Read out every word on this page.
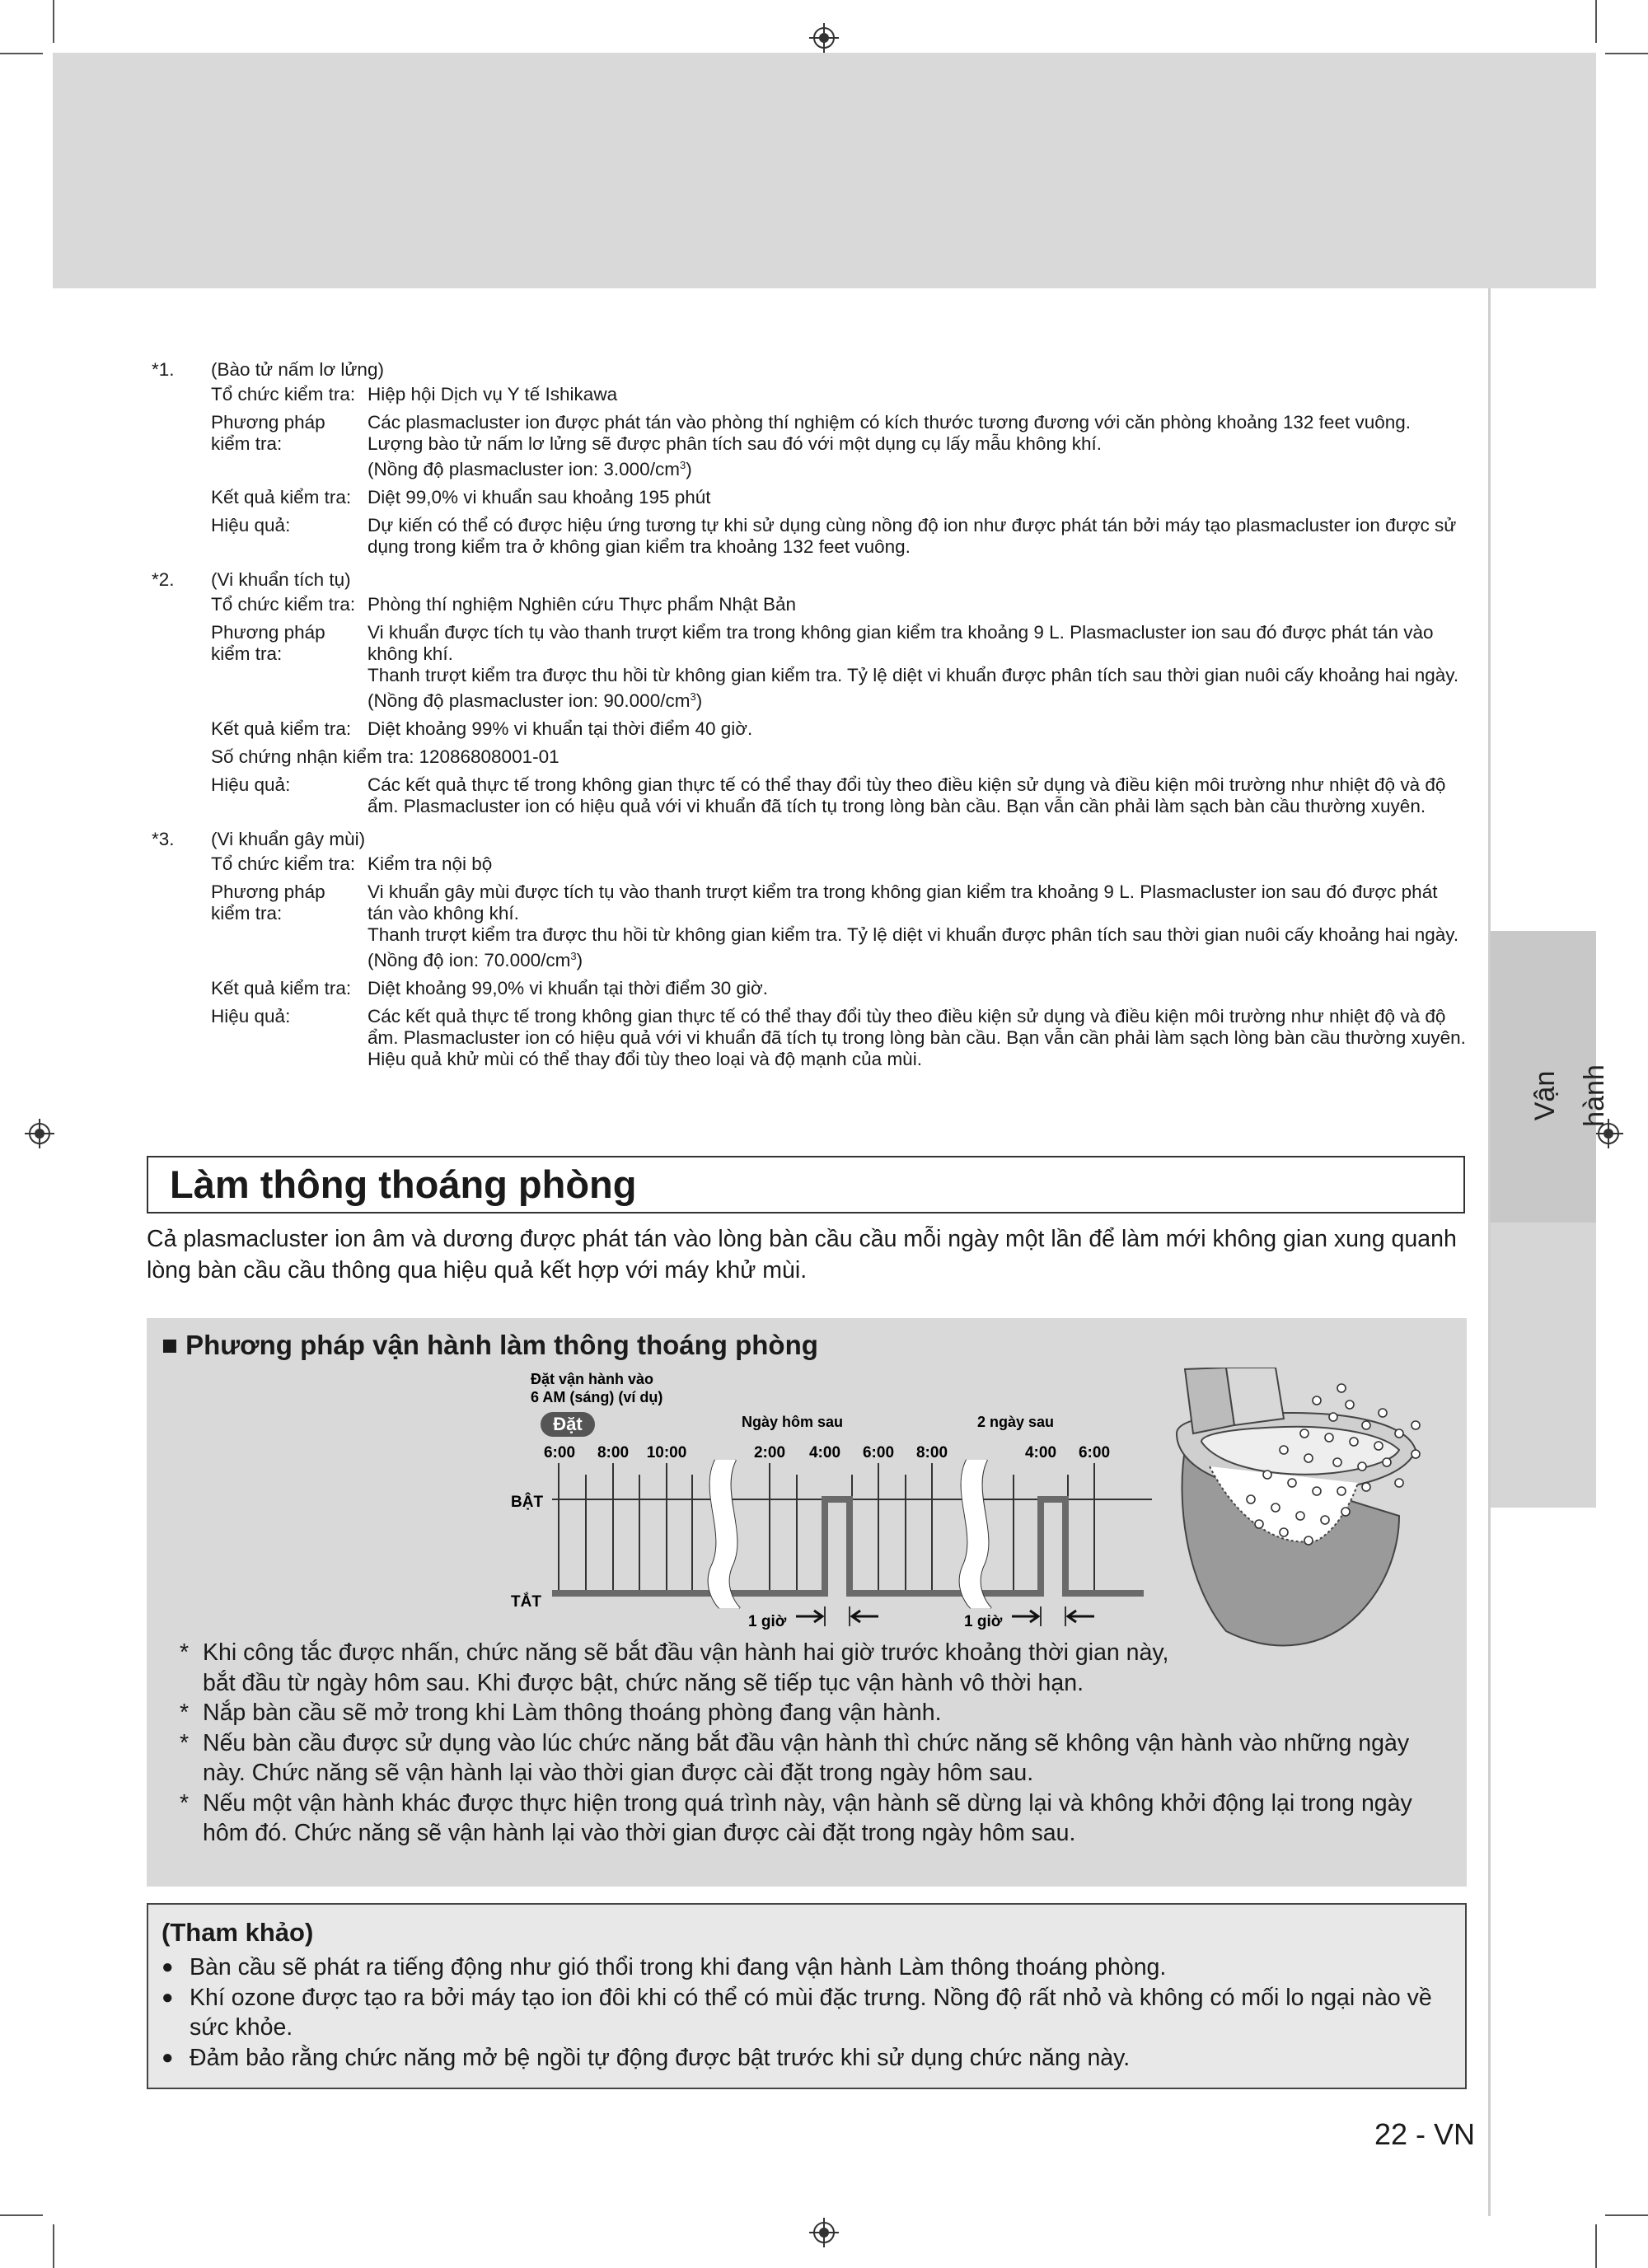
Vận hành
*1.	(Bào tử nấm lơ lửng)
Tổ chức kiểm tra: Hiệp hội Dịch vụ Y tế Ishikawa
Phương pháp kiểm tra:

Các plasmacluster ion được phát tán vào phòng thí nghiệm có kích thước tương đương với căn phòng khoảng 132 feet vuông. Lượng bào tử nấm lơ lửng sẽ được phân tích sau đó với một dụng cụ lấy mẫu không khí.

(Nồng độ plasmacluster ion: $3.000/cm^3$)

Kết quả kiểm tra: Diệt 99,0% vi khuẩn sau khoảng 195 phút
Hiệu quả:	Dự kiến có thể có được hiệu ứng tương tự khi sử dụng cùng nồng độ ion như được phát tán bởi máy tạo plasmacluster ion được sử dụng trong kiểm tra ở không gian kiểm tra khoảng 132 feet vuông.
*2.	(Vi khuẩn tích tụ)
Tổ chức kiểm tra: Phòng thí nghiệm Nghiên cứu Thực phẩm Nhật Bản
Phương pháp kiểm tra:

Vi khuẩn được tích tụ vào thanh trượt kiểm tra trong không gian kiểm tra khoảng 9 L. Plasmacluster ion sau đó được phát tán vào không khí.

Thanh trượt kiểm tra được thu hồi từ không gian kiểm tra. Tỷ lệ diệt vi khuẩn được phân tích sau thời gian nuôi cấy khoảng hai ngày. (Nồng độ plasmacluster ion: $90.000/cm^3$)

Kết quả kiểm tra: Diệt khoảng 99% vi khuẩn tại thời điểm 40 giờ.
Số chứng nhận kiểm tra: 12086808001-01
Hiệu quả:	Các kết quả thực tế trong không gian thực tế có thể thay đổi tùy theo điều kiện sử dụng và điều kiện môi trường như nhiệt độ và độ ẩm. Plasmacluster ion có hiệu quả với vi khuẩn đã tích tụ trong lòng bàn cầu. Bạn vẫn cần phải làm sạch bàn cầu thường xuyên.
*3.	(Vi khuẩn gây mùi)
Tổ chức kiểm tra: Kiểm tra nội bộ
Phương pháp kiểm tra:

Vi khuẩn gây mùi được tích tụ vào thanh trượt kiểm tra trong không gian kiểm tra khoảng 9 L. Plasmacluster ion sau đó được phát tán vào không khí.

Thanh trượt kiểm tra được thu hồi từ không gian kiểm tra. Tỷ lệ diệt vi khuẩn được phân tích sau thời gian nuôi cấy khoảng hai ngày. (Nồng độ ion: $70.000/cm^3$)

Kết quả kiểm tra: Diệt khoảng 99,0% vi khuẩn tại thời điểm 30 giờ.
Hiệu quả:	Các kết quả thực tế trong không gian thực tế có thể thay đổi tùy theo điều kiện sử dụng và điều kiện môi trường như nhiệt độ và độ ẩm. Plasmacluster ion có hiệu quả với vi khuẩn đã tích tụ trong lòng bàn cầu. Bạn vẫn cần phải làm sạch lòng bàn cầu thường xuyên. Hiệu quả khử mùi có thể thay đổi tùy theo loại và độ mạnh của mùi.
Làm thông thoáng phòng
Cả plasmacluster ion âm và dương được phát tán vào lòng bàn cầu cầu mỗi ngày một lần để làm mới không gian xung quanh lòng bàn cầu cầu thông qua hiệu quả kết hợp với máy khử mùi.
■ Phương pháp vận hành làm thông thoáng phòng
Đặt vận hành vào
6 AM (sáng) (ví dụ)
Đặt	Ngày hôm sau	2 ngày sau
6:00 8:00 10:00	2:00 4:00 6:00 8:00	4:00 6:00
BẬT
TẮT
1 giờ	1 giờ
* Khi công tắc được nhấn, chức năng sẽ bắt đầu vận hành hai giờ trước khoảng thời gian này, bắt đầu từ ngày hôm sau. Khi được bật, chức năng sẽ tiếp tục vận hành vô thời hạn.
* Nắp bàn cầu sẽ mở trong khi Làm thông thoáng phòng đang vận hành.
* Nếu bàn cầu được sử dụng vào lúc chức năng bắt đầu vận hành thì chức năng sẽ không vận hành vào những ngày này. Chức năng sẽ vận hành lại vào thời gian được cài đặt trong ngày hôm sau.
* Nếu một vận hành khác được thực hiện trong quá trình này, vận hành sẽ dừng lại và không khởi động lại trong ngày hôm đó. Chức năng sẽ vận hành lại vào thời gian được cài đặt trong ngày hôm sau.
(Tham khảo)
● Bàn cầu sẽ phát ra tiếng động như gió thổi trong khi đang vận hành Làm thông thoáng phòng.
● Khí ozone được tạo ra bởi máy tạo ion đôi khi có thể có mùi đặc trưng. Nồng độ rất nhỏ và không có mối lo ngại nào về sức khỏe.
● Đảm bảo rằng chức năng mở bệ ngồi tự động được bật trước khi sử dụng chức năng này.
22 - VN
